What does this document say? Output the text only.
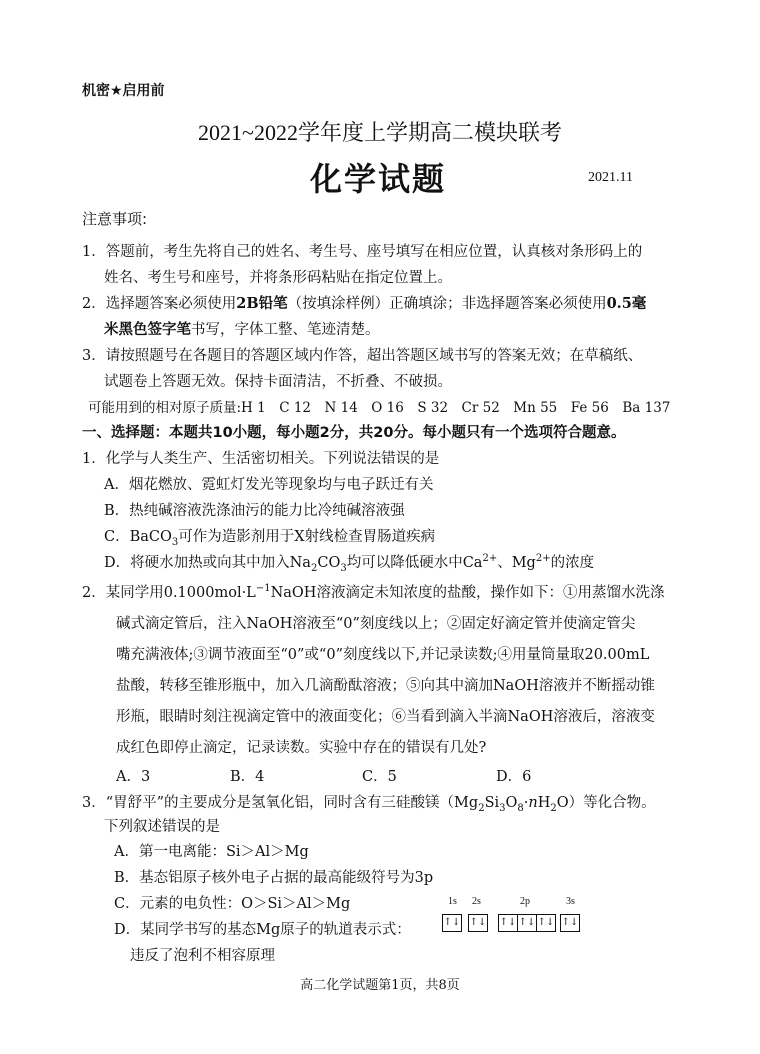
机密★启用前
2021~2022学年度上学期高二模块联考
化学试题	2021.11
注意事项:
1．答题前，考生先将自己的姓名、考生号、座号填写在相应位置，认真核对条形码上的
姓名、考生号和座号，并将条形码粘贴在指定位置上。
2．选择题答案必须使用2B铅笔（按填涂样例）正确填涂；非选择题答案必须使用0.5毫
米黑色签字笔书写，字体工整、笔迹清楚。
3．请按照题号在各题目的答题区域内作答，超出答题区域书写的答案无效；在草稿纸、
试题卷上答题无效。保持卡面清洁，不折叠、不破损。
可能用到的相对原子质量:H 1　C 12　N 14　O 16　S 32　Cr 52　Mn 55　Fe 56　Ba 137
一、选择题：本题共10小题，每小题2分，共20分。每小题只有一个选项符合题意。
1．化学与人类生产、生活密切相关。下列说法错误的是
A．烟花燃放、霓虹灯发光等现象均与电子跃迁有关
B．热纯碱溶液洗涤油污的能力比冷纯碱溶液强
C．BaCO$_3$可作为造影剂用于X射线检查胃肠道疾病
D．将硬水加热或向其中加入$Na_2CO_3$均可以降低硬水中$Ca^{2+}$、$Mg^{2+}$的浓度
2．某同学用$0.1000mol\cdot L^{-1}NaOH$溶液滴定未知浓度的盐酸，操作如下：①用蒸馏水洗涤
碱式滴定管后，注入NaOH溶液至“0”刻度线以上；②固定好滴定管并使滴定管尖
嘴充满液体;③调节液面至“0”或“0”刻度线以下,并记录读数;④用量筒量取20.00mL
盐酸，转移至锥形瓶中，加入几滴酚酞溶液；⑤向其中滴加NaOH溶液并不断摇动锥
形瓶，眼睛时刻注视滴定管中的液面变化；⑥当看到滴入半滴NaOH溶液后，溶液变
成红色即停止滴定，记录读数。实验中存在的错误有几处?
A．3	B．4	C．5	D．6
3．“胃舒平”的主要成分是氢氧化铝，同时含有三硅酸镁$(Mg_2Si_3O_8\cdot nH_2O)$等化合物。
下列叙述错误的是
A．第一电离能：Si＞Al＞Mg
B．基态铝原子核外电子占据的最高能级符号为3p
C．元素的电负性：O＞Si＞Al＞Mg
D．某同学书写的基态Mg原子的轨道表示式：
违反了泡利不相容原理
1s 2s	2p	3s
↑↓ ↑↓ ↑↓ ↑↓ ↑↓ ↑↓
高二化学试题第1页，共8页
